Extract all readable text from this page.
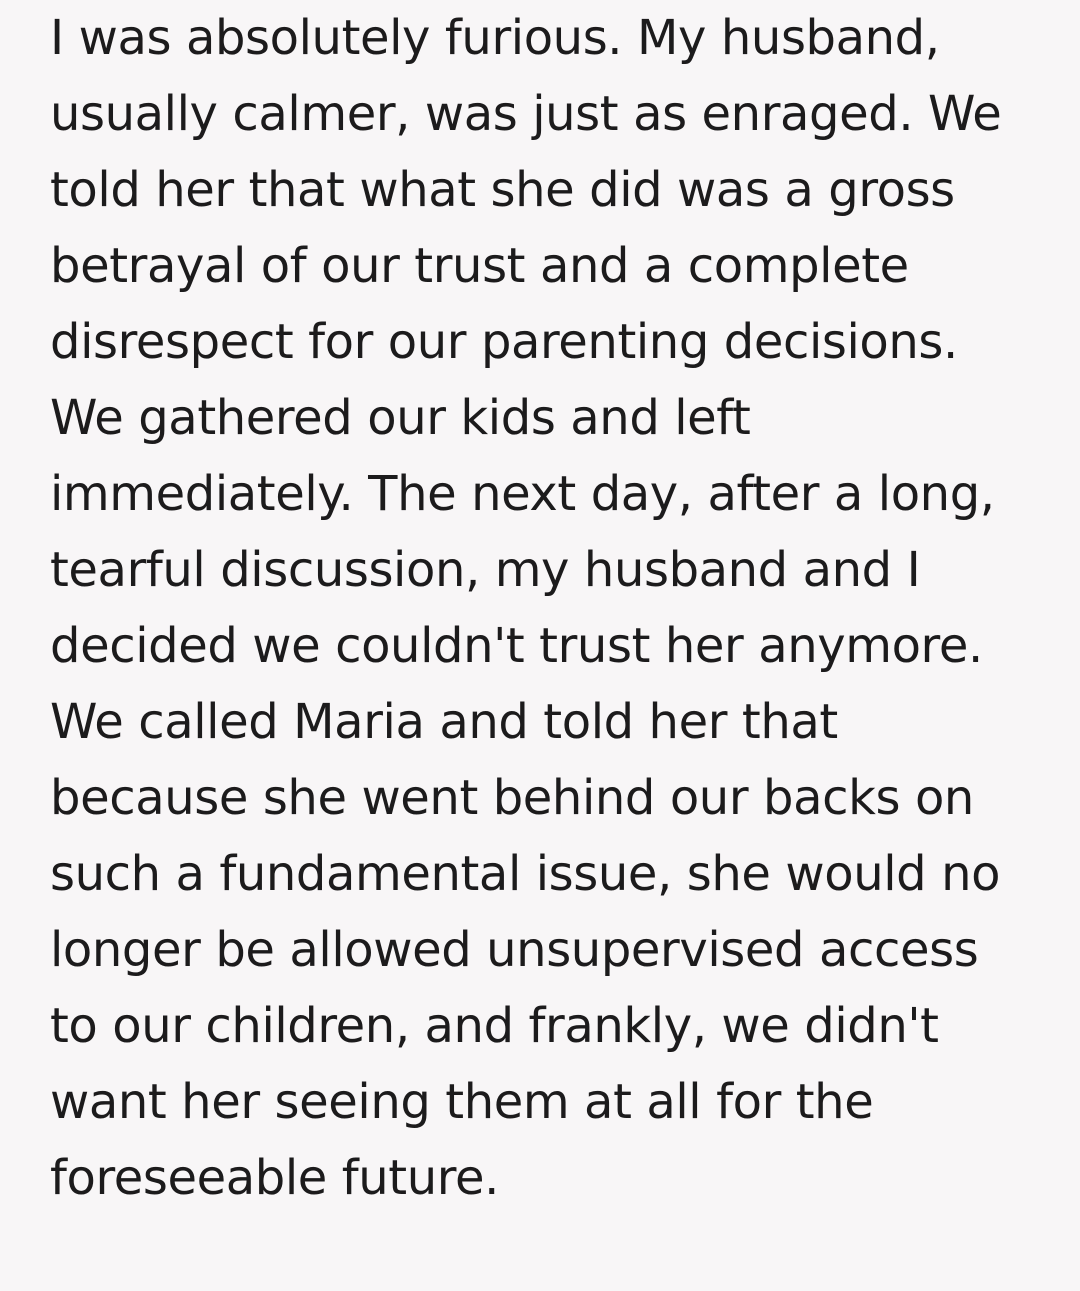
I was absolutely furious. My husband,
usually calmer, was just as enraged. We
told her that what she did was a gross
betrayal of our trust and a complete
disrespect for our parenting decisions.
We gathered our kids and left
immediately. The next day, after a long,
tearful discussion, my husband and I
decided we couldn't trust her anymore.
We called Maria and told her that
because she went behind our backs on
such a fundamental issue, she would no
longer be allowed unsupervised access
to our children, and frankly, we didn't
want her seeing them at all for the
foreseeable future.
